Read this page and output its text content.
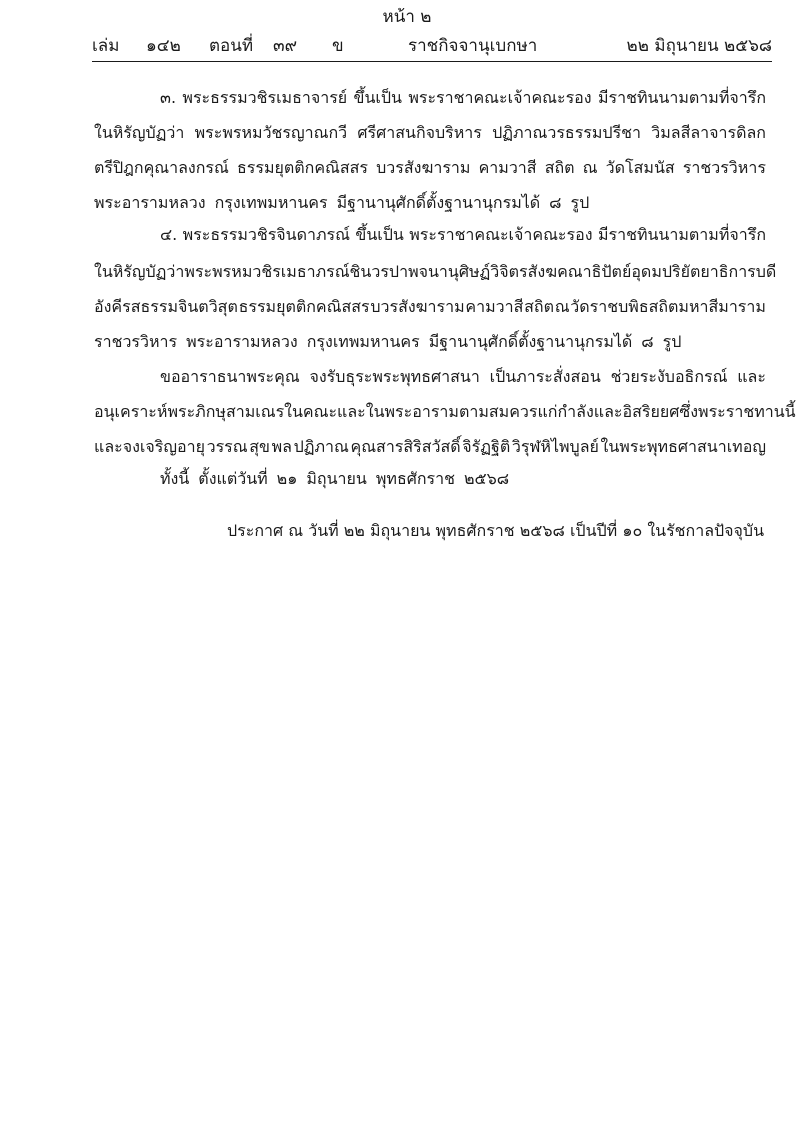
หน้า ๒
เล่ม ๑๔๒ ตอนที่ ๓๙ ข	ราชกิจจานุเบกษา	๒๒ มิถุนายน ๒๕๖๘
๓. พระธรรมวชิรเมธาจารย์ ขึ้นเป็น พระราชาคณะเจ้าคณะรอง มีราชทินนามตามที่จารึก
ในหิรัญบัฏว่า พระพรหมวัชรญาณกวี ศรีศาสนกิจบริหาร ปฏิภาณวรธรรมปรีชา วิมลสีลาจารดิลก
ตรีปิฎกคุณาลงกรณ์ ธรรมยุตติกคณิสสร บวรสังฆาราม คามวาสี สถิต ณ วัดโสมนัส ราชวรวิหาร
พระอารามหลวง กรุงเทพมหานคร มีฐานานุศักดิ์ตั้งฐานานุกรมได้ ๘ รูป
๔. พระธรรมวชิรจินดาภรณ์ ขึ้นเป็น พระราชาคณะเจ้าคณะรอง มีราชทินนามตามที่จารึก
ในหิรัญบัฏว่า พระพรหมวชิรเมธาภรณ์ ชินวรปาพจนานุศิษฏ์ วิจิตรสังฆคณาธิปัตย์ อุดมปริยัตยาธิการบดี
อังคีรสธรรมจินตวิสุต ธรรมยุตติกคณิสสร บวรสังฆาราม คามวาสี สถิต ณ วัดราชบพิธสถิตมหาสีมาราม
ราชวรวิหาร พระอารามหลวง กรุงเทพมหานคร มีฐานานุศักดิ์ตั้งฐานานุกรมได้ ๘ รูป
ขออาราธนาพระคุณ จงรับธุระพระพุทธศาสนา เป็นภาระสั่งสอน ช่วยระงับอธิกรณ์ และ
อนุเคราะห์พระภิกษุสามเณรในคณะและในพระอาราม ตามสมควรแก่กำลัง และอิสริยยศซึ่งพระราชทานนี้
และจงเจริญอายุ วรรณ สุข พล ปฏิภาณ คุณสารสิริสวัสดิ์ จิรัฏฐิติ วิรุฬหิไพบูลย์ ในพระพุทธศาสนาเทอญ
ทั้งนี้ ตั้งแต่วันที่ ๒๑ มิถุนายน พุทธศักราช ๒๕๖๘
ประกาศ ณ วันที่ ๒๒ มิถุนายน พุทธศักราช ๒๕๖๘ เป็นปีที่ ๑๐ ในรัชกาลปัจจุบัน
